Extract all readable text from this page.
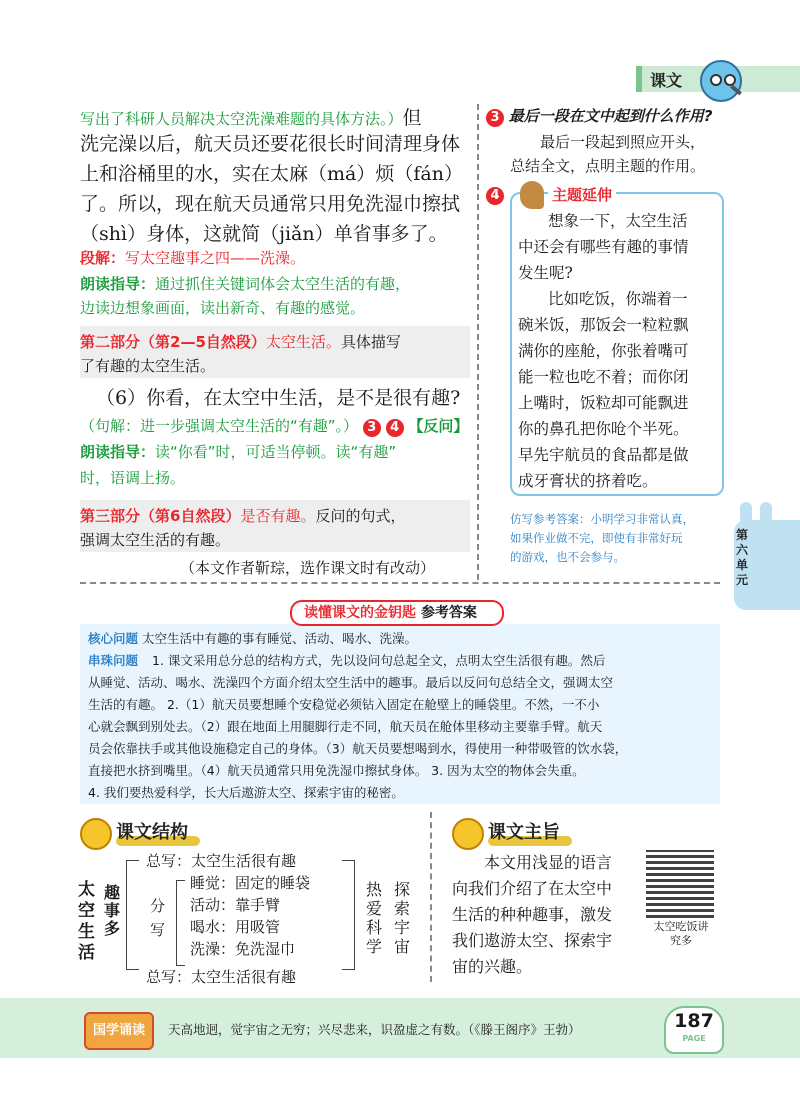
课文
写出了科研人员解决太空洗澡难题的具体方法。）但
洗完澡以后，航天员还要花很长时间清理身体
上和浴桶里的水，实在太麻（má）烦（fán）
了。所以，现在航天员通常只用免洗湿巾擦拭
（shì）身体，这就简（jiǎn）单省事多了。
段解：写太空趣事之四——洗澡。
朗读指导：通过抓住关键词体会太空生活的有趣，
边读边想象画面，读出新奇、有趣的感觉。
第二部分（第2—5自然段）太空生活。具体描写
了有趣的太空生活。
（6）你看，在太空中生活，是不是很有趣?
（句解：进一步强调太空生活的“有趣”。） 3 4 【反问】
朗读指导：读“你看”时，可适当停顿。读“有趣”
时，语调上扬。
第三部分（第6自然段）是否有趣。反问的句式，
强调太空生活的有趣。
（本文作者靳琮，选作课文时有改动）
3 最后一段在文中起到什么作用?
最后一段起到照应开头，
总结全文，点明主题的作用。
4	主题延伸
想象一下，太空生活
中还会有哪些有趣的事情
发生呢?
比如吃饭，你端着一
碗米饭，那饭会一粒粒飘
满你的座舱，你张着嘴可
能一粒也吃不着；而你闭
上嘴时，饭粒却可能飘进
你的鼻孔把你呛个半死。
早先宇航员的食品都是做
成牙膏状的挤着吃。
仿写参考答案：小明学习非常认真，
如果作业做不完，即使有非常好玩
的游戏，也不会参与。
第六单元
读懂课文的金钥匙 参考答案
核心问题 太空生活中有趣的事有睡觉、活动、喝水、洗澡。
串珠问题	1. 课文采用总分总的结构方式，先以设问句总起全文，点明太空生活很有趣。然后
从睡觉、活动、喝水、洗澡四个方面介绍太空生活中的趣事。最后以反问句总结全文，强调太空
生活的有趣。 2.（1）航天员要想睡个安稳觉必须钻入固定在舱壁上的睡袋里。不然，一不小
心就会飘到别处去。（2）跟在地面上用腿脚行走不同，航天员在舱体里移动主要靠手臂。航天
员会依靠扶手或其他设施稳定自己的身体。（3）航天员要想喝到水，得使用一种带吸管的饮水袋，
直接把水挤到嘴里。（4）航天员通常只用免洗湿巾擦拭身体。 3. 因为太空的物体会失重。
4. 我们要热爱科学，长大后遨游太空、探索宇宙的秘密。
课文结构
太空生活
趣事多
总写：太空生活很有趣
分写
睡觉：固定的睡袋
活动：靠手臂
喝水：用吸管
洗澡：免洗湿巾
总写：太空生活很有趣
热爱科学
探索宇宙
课文主旨
本文用浅显的语言
向我们介绍了在太空中
生活的种种趣事，激发
我们遨游太空、探索宇
宙的兴趣。
太空吃饭讲
究多
国学诵读	天高地迥，觉宇宙之无穷；兴尽悲来，识盈虚之有数。（《滕王阁序》王勃）	187
PAGE
